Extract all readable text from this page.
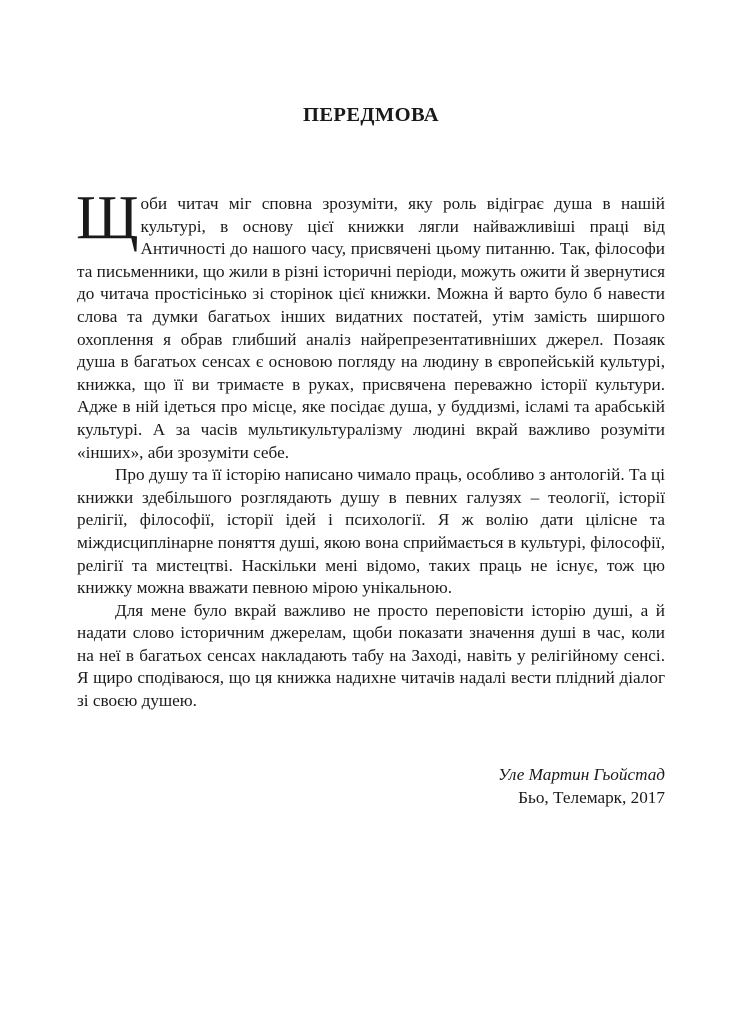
ПЕРЕДМОВА

Щоби читач міг сповна зрозуміти, яку роль відіграє душа в нашій культурі, в основу цієї книжки лягли найважливіші праці від Античності до нашого часу, присвячені цьому питанню. Так, філософи та письменники, що жили в різні історичні періоди, можуть ожити й звернутися до читача простісінько зі сторінок цієї книжки. Можна й варто було б навести слова та думки багатьох інших видатних постатей, утім замість ширшого охоплення я обрав глибший аналіз найрепрезентативніших джерел. Позаяк душа в багатьох сенсах є основою погляду на людину в європейській культурі, книжка, що її ви тримаєте в руках, присвячена переважно історії культури. Адже в ній ідеться про місце, яке посідає душа, у буддизмі, ісламі та арабській культурі. А за часів мультикультуралізму людині вкрай важливо розуміти «інших», аби зрозуміти себе.

Про душу та її історію написано чимало праць, особливо з антологій. Та ці книжки здебільшого розглядають душу в певних галузях – теології, історії релігії, філософії, історії ідей і психології. Я ж волію дати цілісне та міждисциплінарне поняття душі, якою вона сприймається в культурі, філософії, релігії та мистецтві. Наскільки мені відомо, таких праць не існує, тож цю книжку можна вважати певною мірою унікальною.

Для мене було вкрай важливо не просто переповісти історію душі, а й надати слово історичним джерелам, щоби показати значення душі в час, коли на неї в багатьох сенсах накладають табу на Заході, навіть у релігійному сенсі. Я щиро сподіваюся, що ця книжка надихне читачів надалі вести плідний діалог зі своєю душею.

Уле Мартин Гьойстад
Бьо, Телемарк, 2017
